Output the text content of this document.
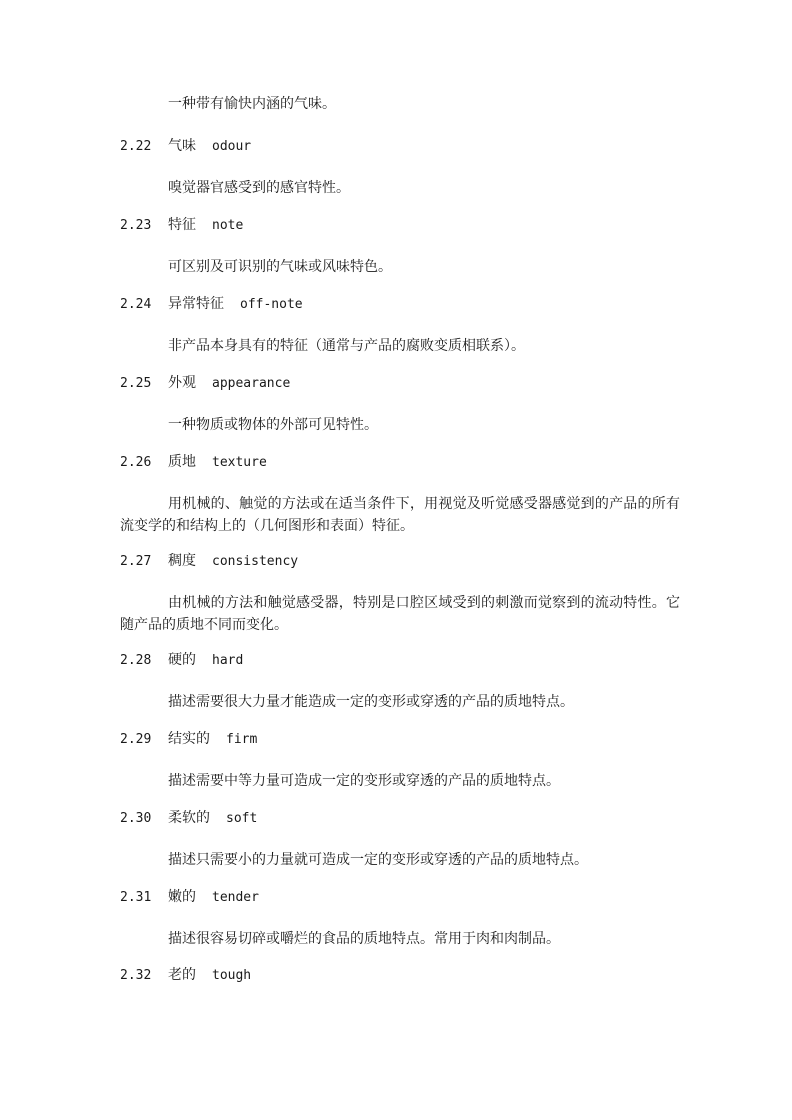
一种带有愉快内涵的气味。
2.22 气味 odour
嗅觉器官感受到的感官特性。
2.23 特征 note
可区别及可识别的气味或风味特色。
2.24 异常特征 off-note
非产品本身具有的特征（通常与产品的腐败变质相联系）。
2.25 外观 appearance
一种物质或物体的外部可见特性。
2.26 质地 texture
用机械的、触觉的方法或在适当条件下，用视觉及听觉感受器感觉到的产品的所有流变学的和结构上的（几何图形和表面）特征。
2.27 稠度 consistency
由机械的方法和触觉感受器，特别是口腔区域受到的刺激而觉察到的流动特性。它随产品的质地不同而变化。
2.28 硬的 hard
描述需要很大力量才能造成一定的变形或穿透的产品的质地特点。
2.29 结实的 firm
描述需要中等力量可造成一定的变形或穿透的产品的质地特点。
2.30 柔软的 soft
描述只需要小的力量就可造成一定的变形或穿透的产品的质地特点。
2.31 嫩的 tender
描述很容易切碎或嚼烂的食品的质地特点。常用于肉和肉制品。
2.32 老的 tough
